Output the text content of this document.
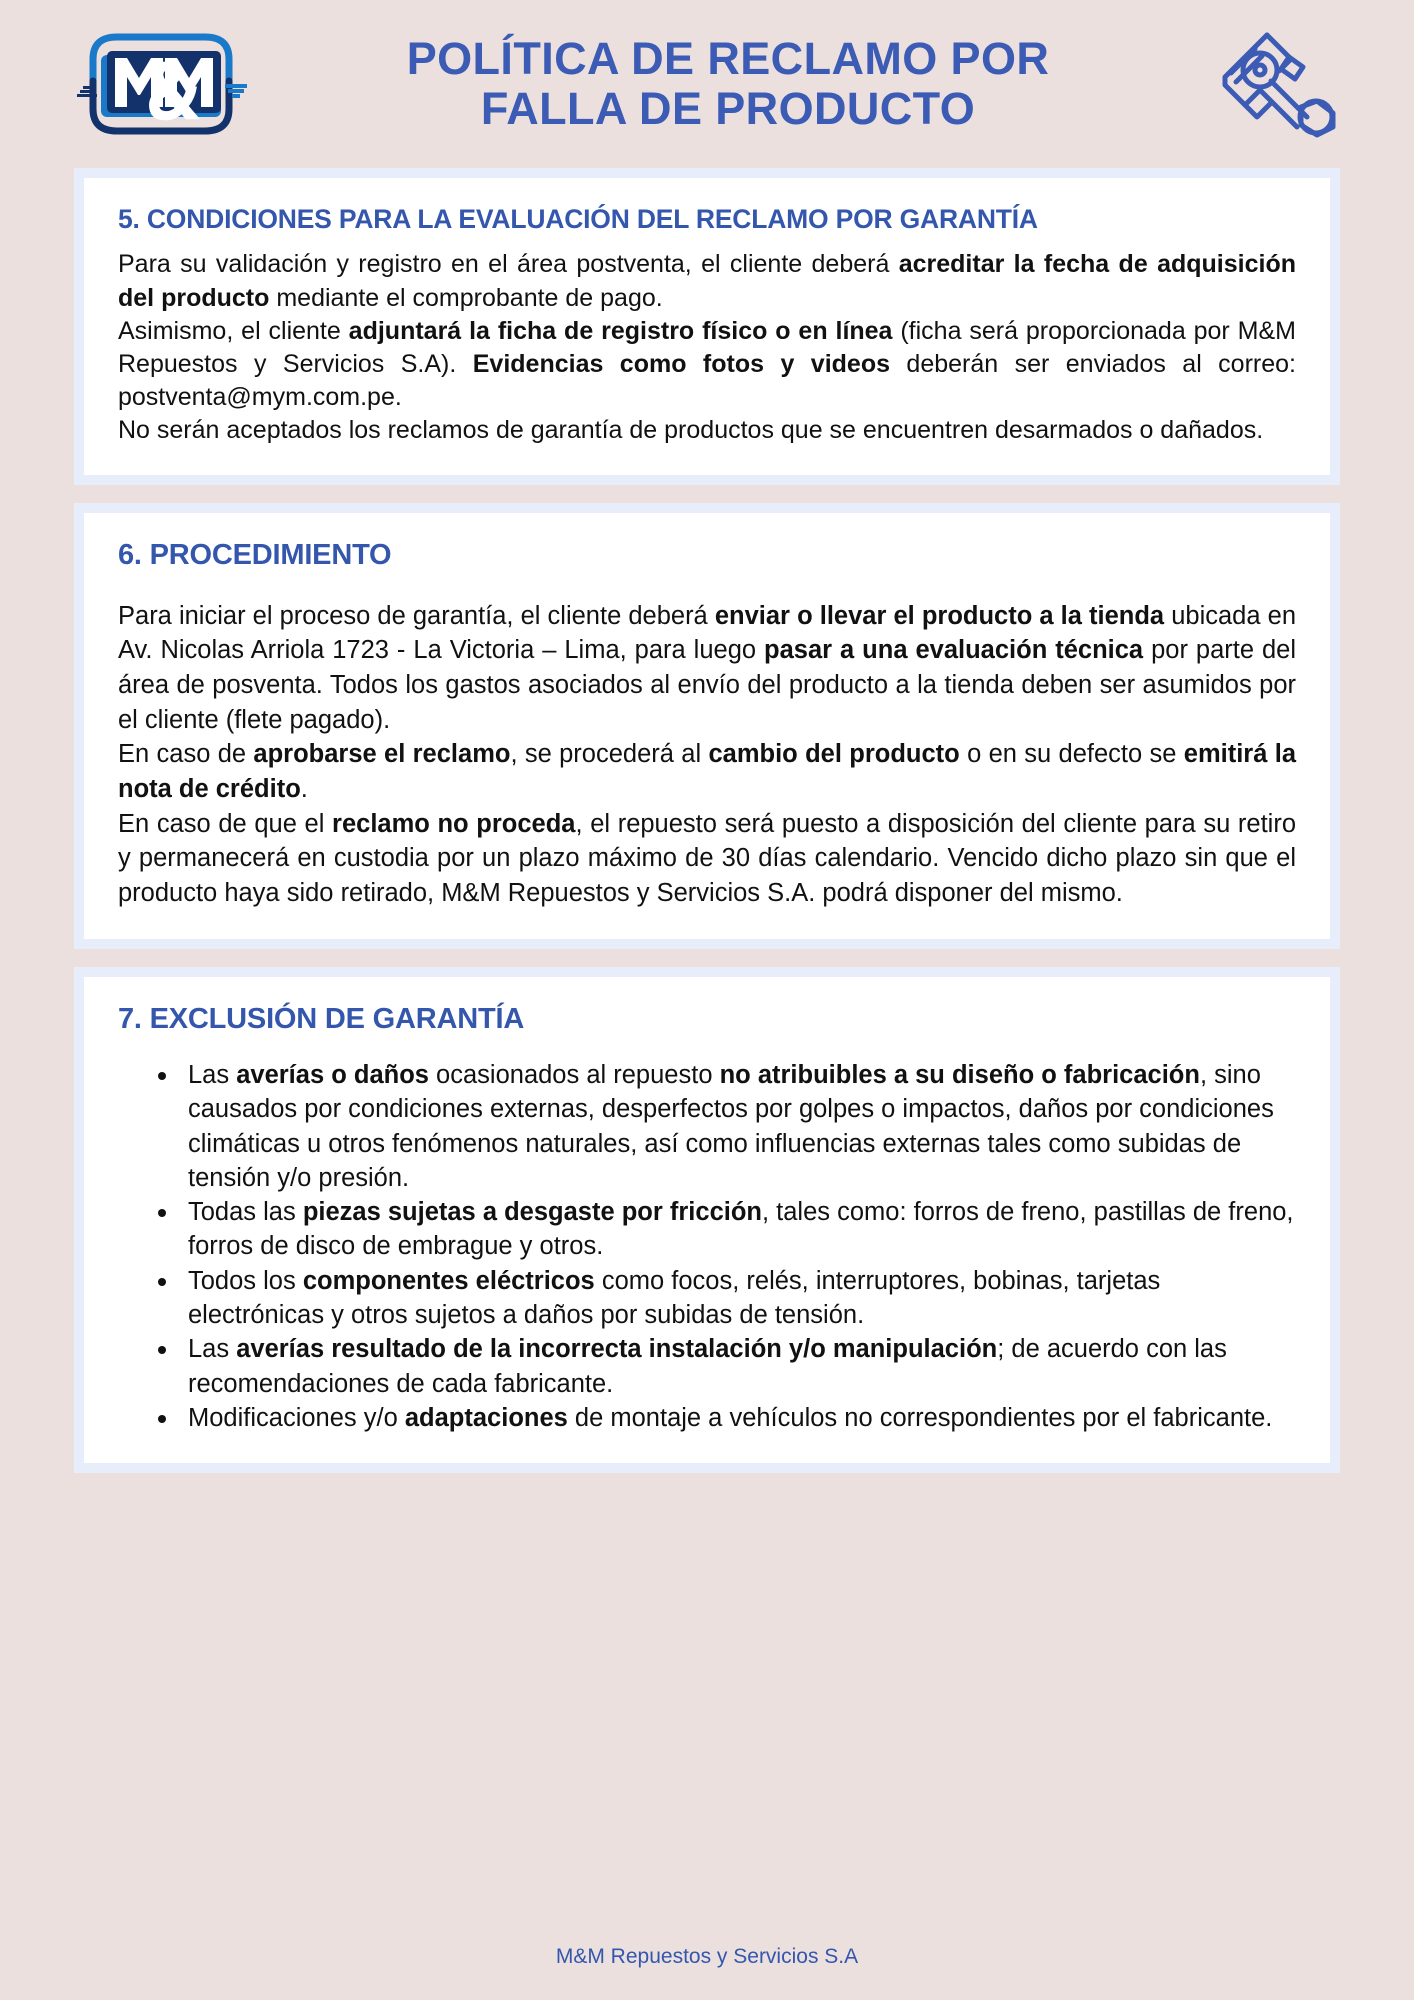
POLÍTICA DE RECLAMO POR
FALLA DE PRODUCTO
5. CONDICIONES PARA LA EVALUACIÓN DEL RECLAMO POR GARANTÍA

Para su validación y registro en el área postventa, el cliente deberá acreditar la fecha de adquisición del producto mediante el comprobante de pago.

Asimismo, el cliente adjuntará la ficha de registro físico o en línea (ficha será proporcionada por M&M Repuestos y Servicios S.A). Evidencias como fotos y videos deberán ser enviados al correo: postventa@mym.com.pe.

No serán aceptados los reclamos de garantía de productos que se encuentren desarmados o dañados.

6. PROCEDIMIENTO

Para iniciar el proceso de garantía, el cliente deberá enviar o llevar el producto a la tienda ubicada en Av. Nicolas Arriola 1723 - La Victoria – Lima, para luego pasar a una evaluación técnica por parte del área de posventa. Todos los gastos asociados al envío del producto a la tienda deben ser asumidos por el cliente (flete pagado).

En caso de aprobarse el reclamo, se procederá al cambio del producto o en su defecto se emitirá la nota de crédito.

En caso de que el reclamo no proceda, el repuesto será puesto a disposición del cliente para su retiro y permanecerá en custodia por un plazo máximo de 30 días calendario. Vencido dicho plazo sin que el producto haya sido retirado, M&M Repuestos y Servicios S.A. podrá disponer del mismo.

7. EXCLUSIÓN DE GARANTÍA
Las averías o daños ocasionados al repuesto no atribuibles a su diseño o fabricación, sino causados por condiciones externas, desperfectos por golpes o impactos, daños por condiciones climáticas u otros fenómenos naturales, así como influencias externas tales como subidas de tensión y/o presión.
Todas las piezas sujetas a desgaste por fricción, tales como: forros de freno, pastillas de freno, forros de disco de embrague y otros.
Todos los componentes eléctricos como focos, relés, interruptores, bobinas, tarjetas electrónicas y otros sujetos a daños por subidas de tensión.
Las averías resultado de la incorrecta instalación y/o manipulación; de acuerdo con las recomendaciones de cada fabricante.
Modificaciones y/o adaptaciones de montaje a vehículos no correspondientes por el fabricante.
M&M Repuestos y Servicios S.A
